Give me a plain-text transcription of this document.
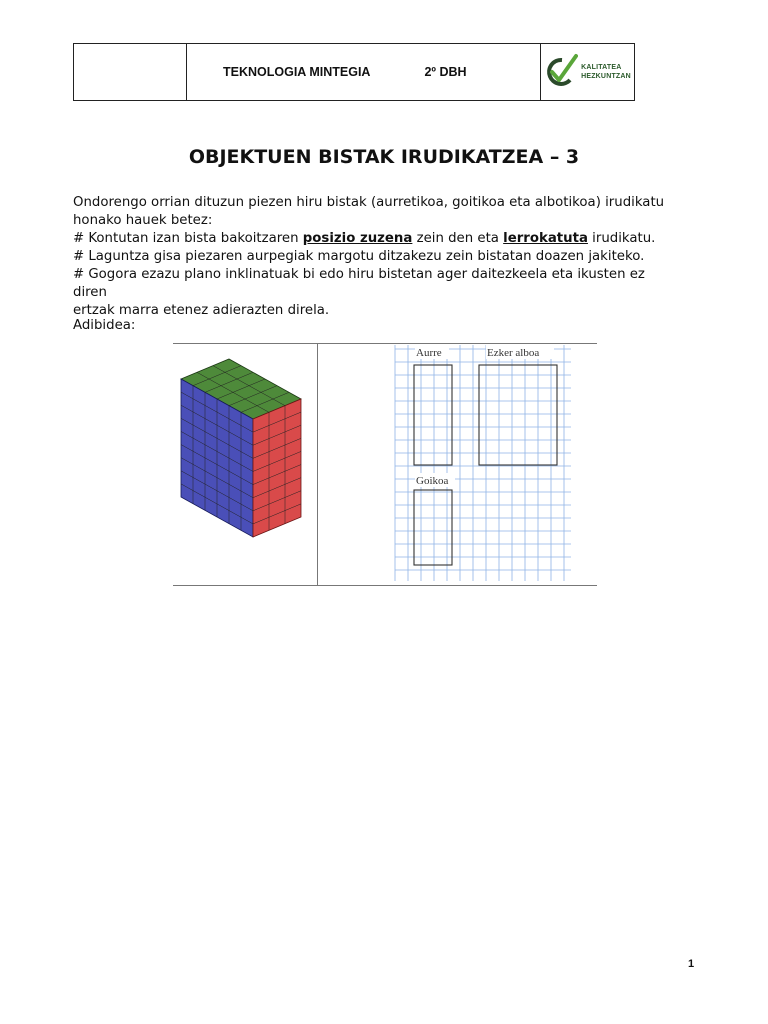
TEKNOLOGIA MINTEGIA	2º DBH	KALITATEA
HEZKUNTZAN
OBJEKTUEN BISTAK IRUDIKATZEA – 3

Ondorengo orrian dituzun piezen hiru bistak (aurretikoa, goitikoa eta albotikoa) irudikatu

honako hauek betez:

# Kontutan izan bista bakoitzaren posizio zuzena zein den eta lerrokatuta irudikatu.

# Laguntza gisa piezaren aurpegiak margotu ditzakezu zein bistatan doazen jakiteko.

# Gogora ezazu plano inklinatuak bi edo hiru bistetan ager daitezkeela eta ikusten ez diren

ertzak marra etenez adierazten direla.

Adibidea:
Aurre	Ezker alboa
Goikoa
1
